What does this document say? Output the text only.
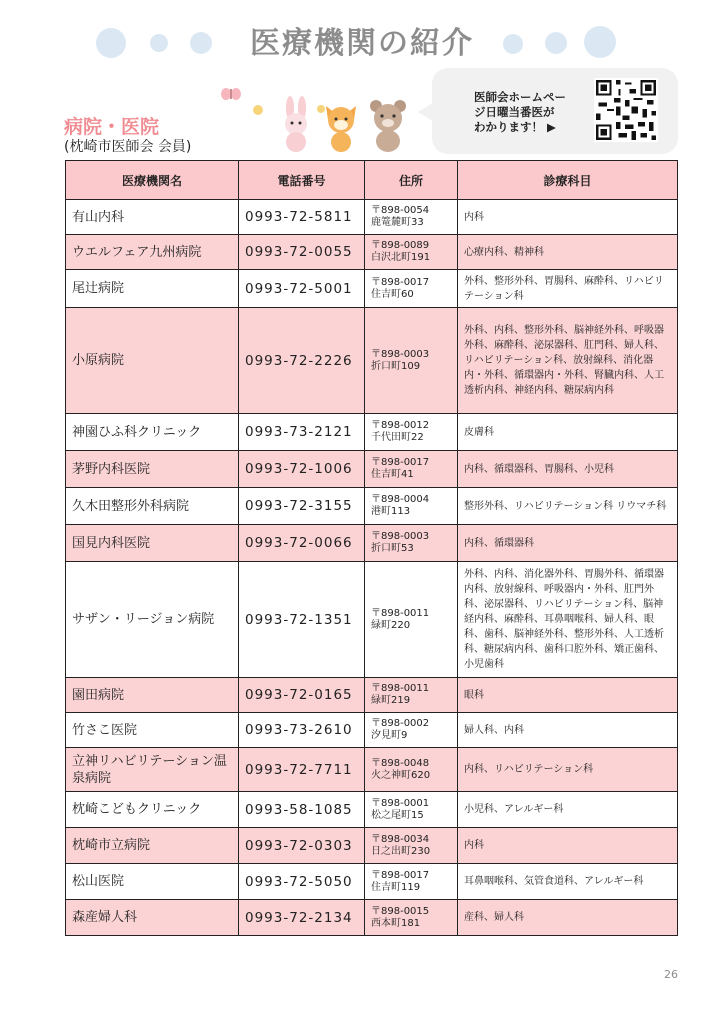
医療機関の紹介
病院・医院
(枕崎市医師会 会員)
医師会ホームペー
ジ日曜当番医が
わかります！ ▶
医療機関名	電話番号	住所	診療科目
有山内科	0993-72-5811	〒898-0054
鹿篭麓町33	内科
ウエルフェア九州病院	0993-72-0055	〒898-0089
白沢北町191	心療内科、精神科
尾辻病院	0993-72-5001	〒898-0017
住吉町60	外科、整形外科、胃腸科、麻酔科、リハビリテーション科
小原病院	0993-72-2226	〒898-0003
折口町109	外科、内科、整形外科、脳神経外科、呼吸器外科、麻酔科、泌尿器科、肛門科、婦人科、リハビリテーション科、放射線科、消化器内・外科、循環器内・外科、腎臓内科、人工透析内科、神経内科、糖尿病内科
神園ひふ科クリニック	0993-73-2121	〒898-0012
千代田町22	皮膚科
茅野内科医院	0993-72-1006	〒898-0017
住吉町41	内科、循環器科、胃腸科、小児科
久木田整形外科病院	0993-72-3155	〒898-0004
港町113	整形外科、リハビリテーション科 リウマチ科
国見内科医院	0993-72-0066	〒898-0003
折口町53	内科、循環器科
サザン・リージョン病院	0993-72-1351	〒898-0011
緑町220	外科、内科、消化器外科、胃腸外科、循環器内科、放射線科、呼吸器内・外科、肛門外科、泌尿器科、リハビリテーション科、脳神経内科、麻酔科、耳鼻咽喉科、婦人科、眼科、歯科、脳神経外科、整形外科、人工透析科、糖尿病内科、歯科口腔外科、矯正歯科、小児歯科
園田病院	0993-72-0165	〒898-0011
緑町219	眼科
竹さこ医院	0993-73-2610	〒898-0002
汐見町9	婦人科、内科
立神リハビリテーション温泉病院	0993-72-7711	〒898-0048
火之神町620	内科、リハビリテーション科
枕崎こどもクリニック	0993-58-1085	〒898-0001
松之尾町15	小児科、アレルギー科
枕崎市立病院	0993-72-0303	〒898-0034
日之出町230	内科
松山医院	0993-72-5050	〒898-0017
住吉町119	耳鼻咽喉科、気管食道科、アレルギー科
森産婦人科	0993-72-2134	〒898-0015
西本町181	産科、婦人科
26
